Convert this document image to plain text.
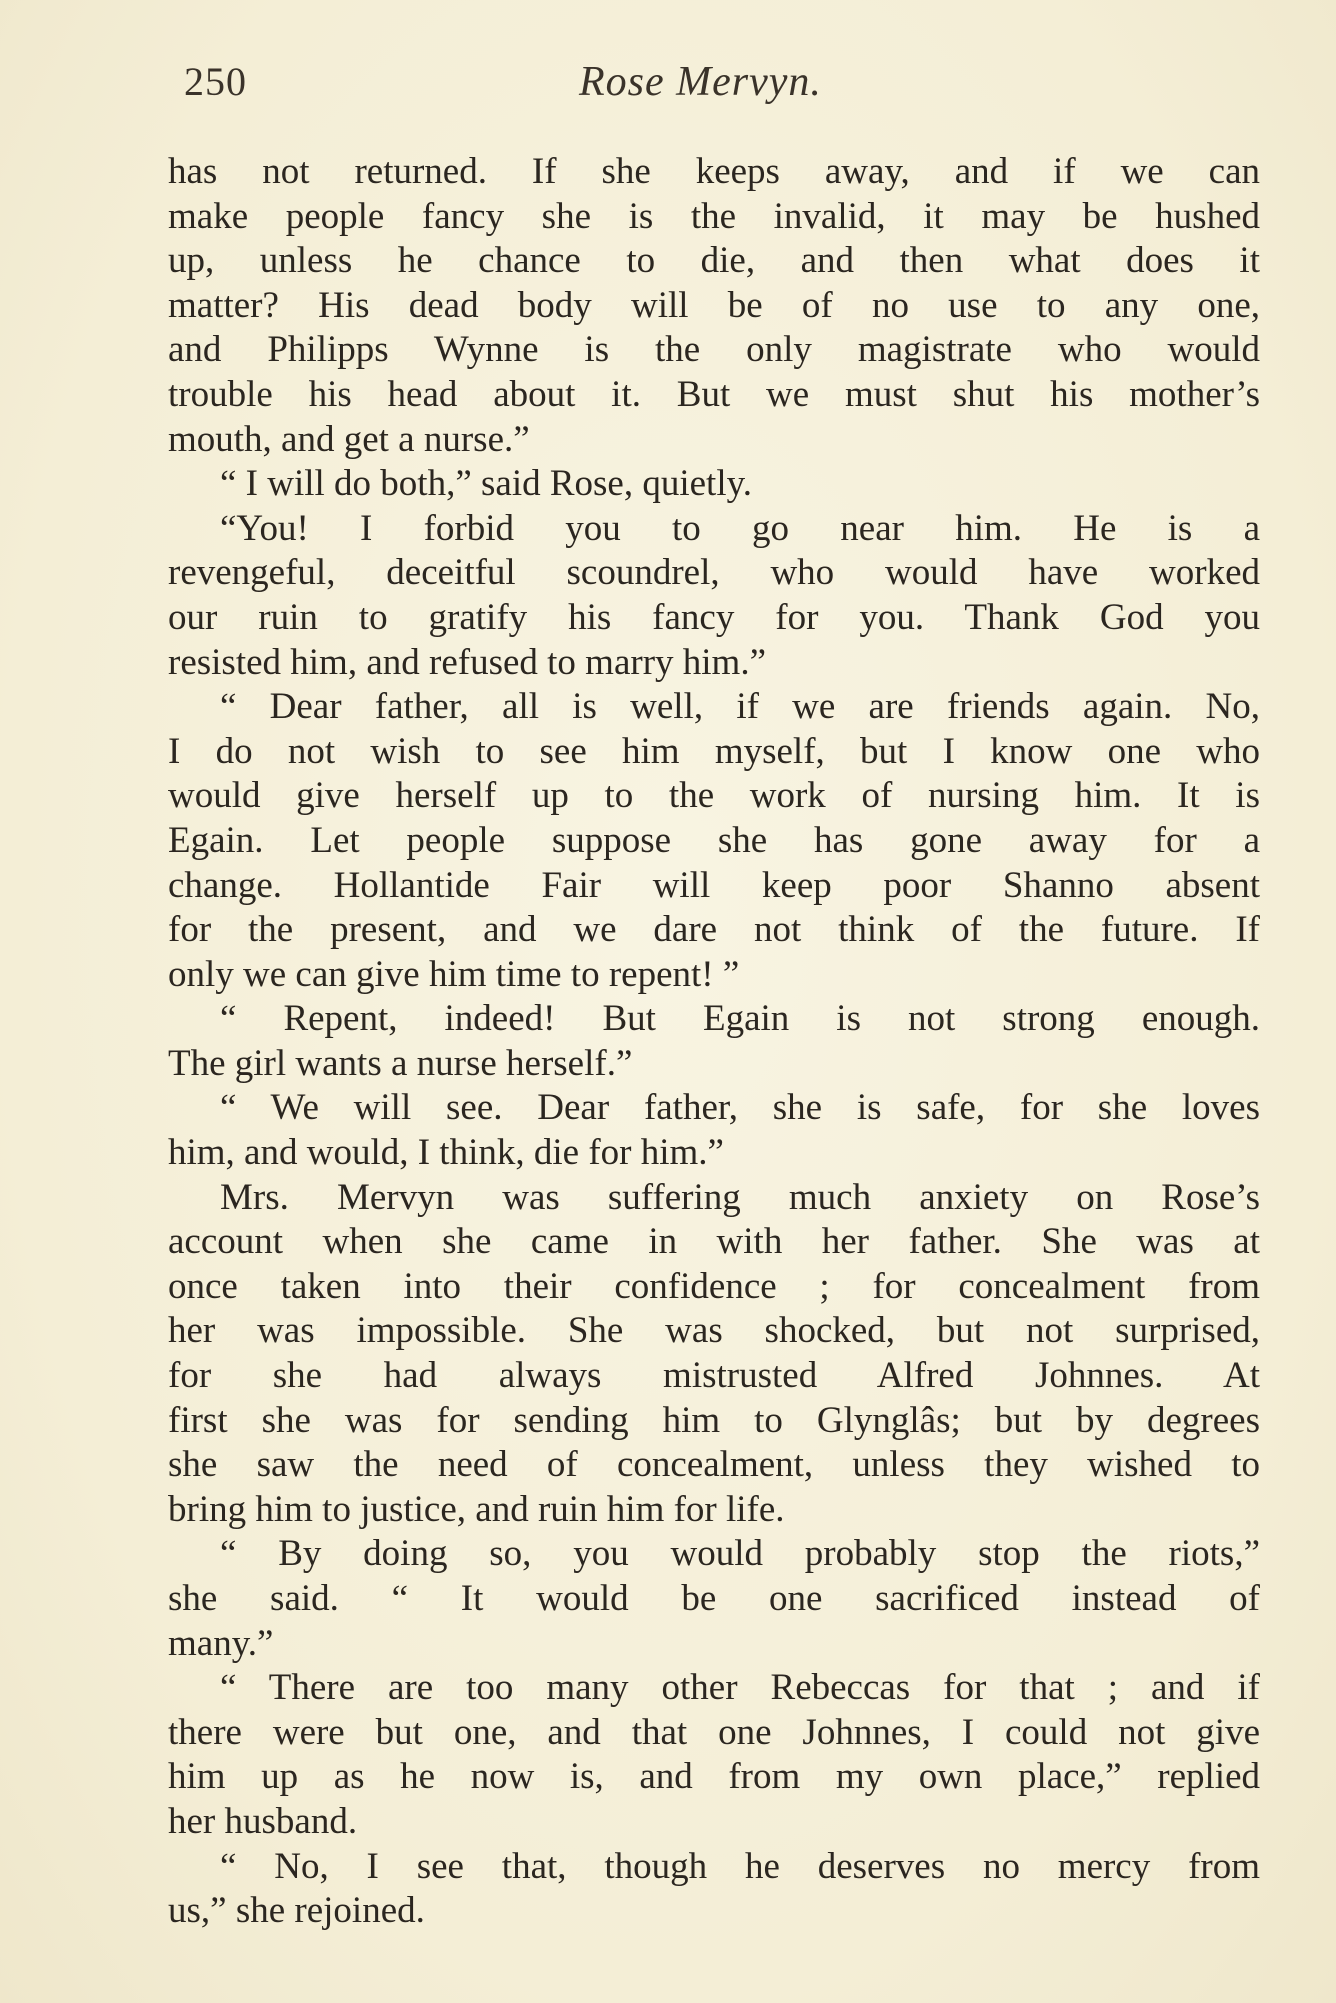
250	Rose Mervyn.
has not returned. If she keeps away, and if we can
make people fancy she is the invalid, it may be hushed
up, unless he chance to die, and then what does it
matter? His dead body will be of no use to any one,
and Philipps Wynne is the only magistrate who would
trouble his head about it. But we must shut his mother’s
mouth, and get a nurse.”
“ I will do both,” said Rose, quietly.
“You! I forbid you to go near him. He is a
revengeful, deceitful scoundrel, who would have worked
our ruin to gratify his fancy for you. Thank God you
resisted him, and refused to marry him.”
“ Dear father, all is well, if we are friends again. No,
I do not wish to see him myself, but I know one who
would give herself up to the work of nursing him. It is
Egain. Let people suppose she has gone away for a
change. Hollantide Fair will keep poor Shanno absent
for the present, and we dare not think of the future. If
only we can give him time to repent! ”
“ Repent, indeed! But Egain is not strong enough.
The girl wants a nurse herself.”
“ We will see. Dear father, she is safe, for she loves
him, and would, I think, die for him.”
Mrs. Mervyn was suffering much anxiety on Rose’s
account when she came in with her father. She was at
once taken into their confidence ; for concealment from
her was impossible. She was shocked, but not surprised,
for she had always mistrusted Alfred Johnnes. At
first she was for sending him to Glynglâs; but by degrees
she saw the need of concealment, unless they wished to
bring him to justice, and ruin him for life.
“ By doing so, you would probably stop the riots,”
she said. “ It would be one sacrificed instead of
many.”
“ There are too many other Rebeccas for that ; and if
there were but one, and that one Johnnes, I could not give
him up as he now is, and from my own place,” replied
her husband.
“ No, I see that, though he deserves no mercy from
us,” she rejoined.
